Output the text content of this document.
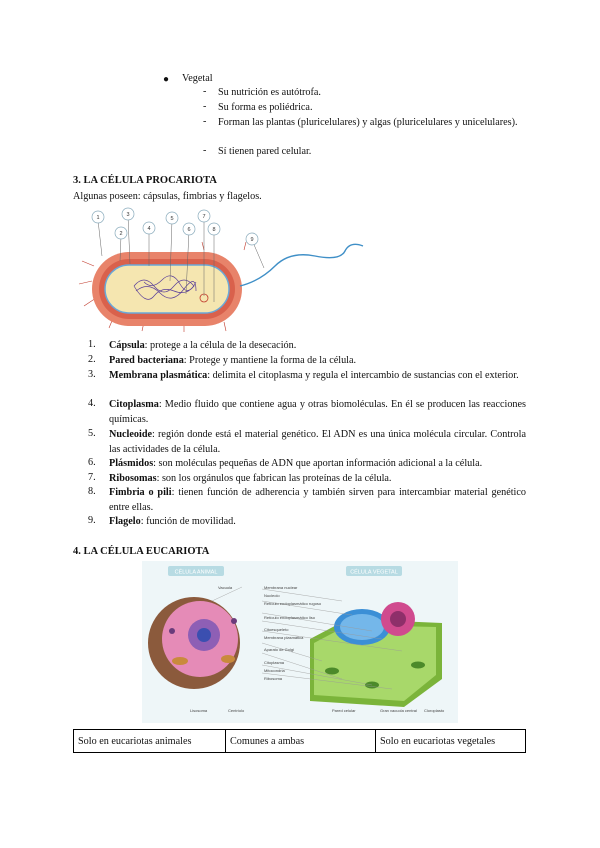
● Vegetal
- Su nutrición es autótrofa.
- Su forma es poliédrica.
- Forman las plantas (pluricelulares) y algas (pluricelulares y unicelulares).
- Sí tienen pared celular.
3. LA CÉLULA PROCARIOTA
Algunas poseen: cápsulas, fimbrias y flagelos.
1
2
3
4
5
6
7
8
9
1. Cápsula: protege a la célula de la desecación.
2. Pared bacteriana: Protege y mantiene la forma de la célula.
3. Membrana plasmática: delimita el citoplasma y regula el intercambio de sustancias con el exterior.
4. Citoplasma: Medio fluido que contiene agua y otras biomoléculas. En él se producen las reacciones químicas.
5. Nucleoide: región donde está el material genético. El ADN es una única molécula circular. Controla las actividades de la célula.
6. Plásmidos: son moléculas pequeñas de ADN que aportan información adicional a la célula.
7. Ribosomas: son los orgánulos que fabrican las proteínas de la célula.
8. Fimbria o pili: tienen función de adherencia y también sirven para intercambiar material genético entre ellas.
9. Flagelo: función de movilidad.
4. LA CÉLULA EUCARIOTA
CÉLULA ANIMAL	CÉLULA VEGETAL
Vacuola	Membrana nuclear
Nucleolo
Retículo endoplasmático rugoso
Retículo endoplasmático liso
Citoesqueleto
Membrana plasmática
Aparato de Golgi
Citoplasma
Mitocondria
Ribosoma
Lisosoma	Centríolo	Pared celular	Gran vacuola central Cloroplasto
Solo en eucariotas animales	Comunes a ambas	Solo en eucariotas vegetales
